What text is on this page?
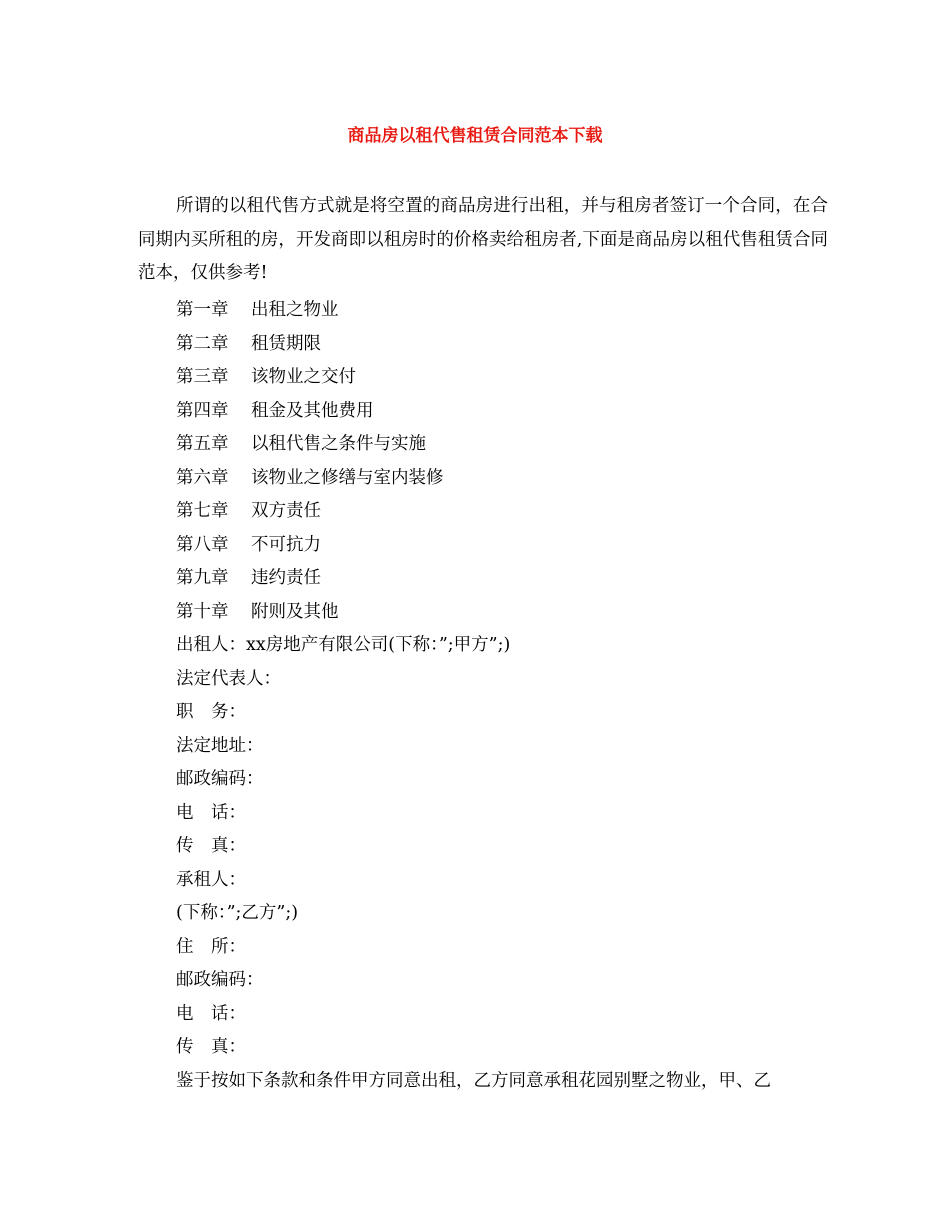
商品房以租代售租赁合同范本下载

所谓的以租代售方式就是将空置的商品房进行出租，并与租房者签订一个合同，在合同期内买所租的房，开发商即以租房时的价格卖给租房者,下面是商品房以租代售租赁合同范本，仅供参考!

第一章 出租之物业
第二章 租赁期限
第三章 该物业之交付
第四章 租金及其他费用
第五章 以租代售之条件与实施
第六章 该物业之修缮与室内装修
第七章 双方责任
第八章 不可抗力
第九章 违约责任
第十章 附则及其他
出租人：xx房地产有限公司(下称：”;甲方”;)
法定代表人：
职　务：
法定地址：
邮政编码：
电　话：
传　真：
承租人：
(下称：”;乙方”;)
住　所：
邮政编码：
电　话：
传　真：
鉴于按如下条款和条件甲方同意出租，乙方同意承租花园别墅之物业，甲、乙
